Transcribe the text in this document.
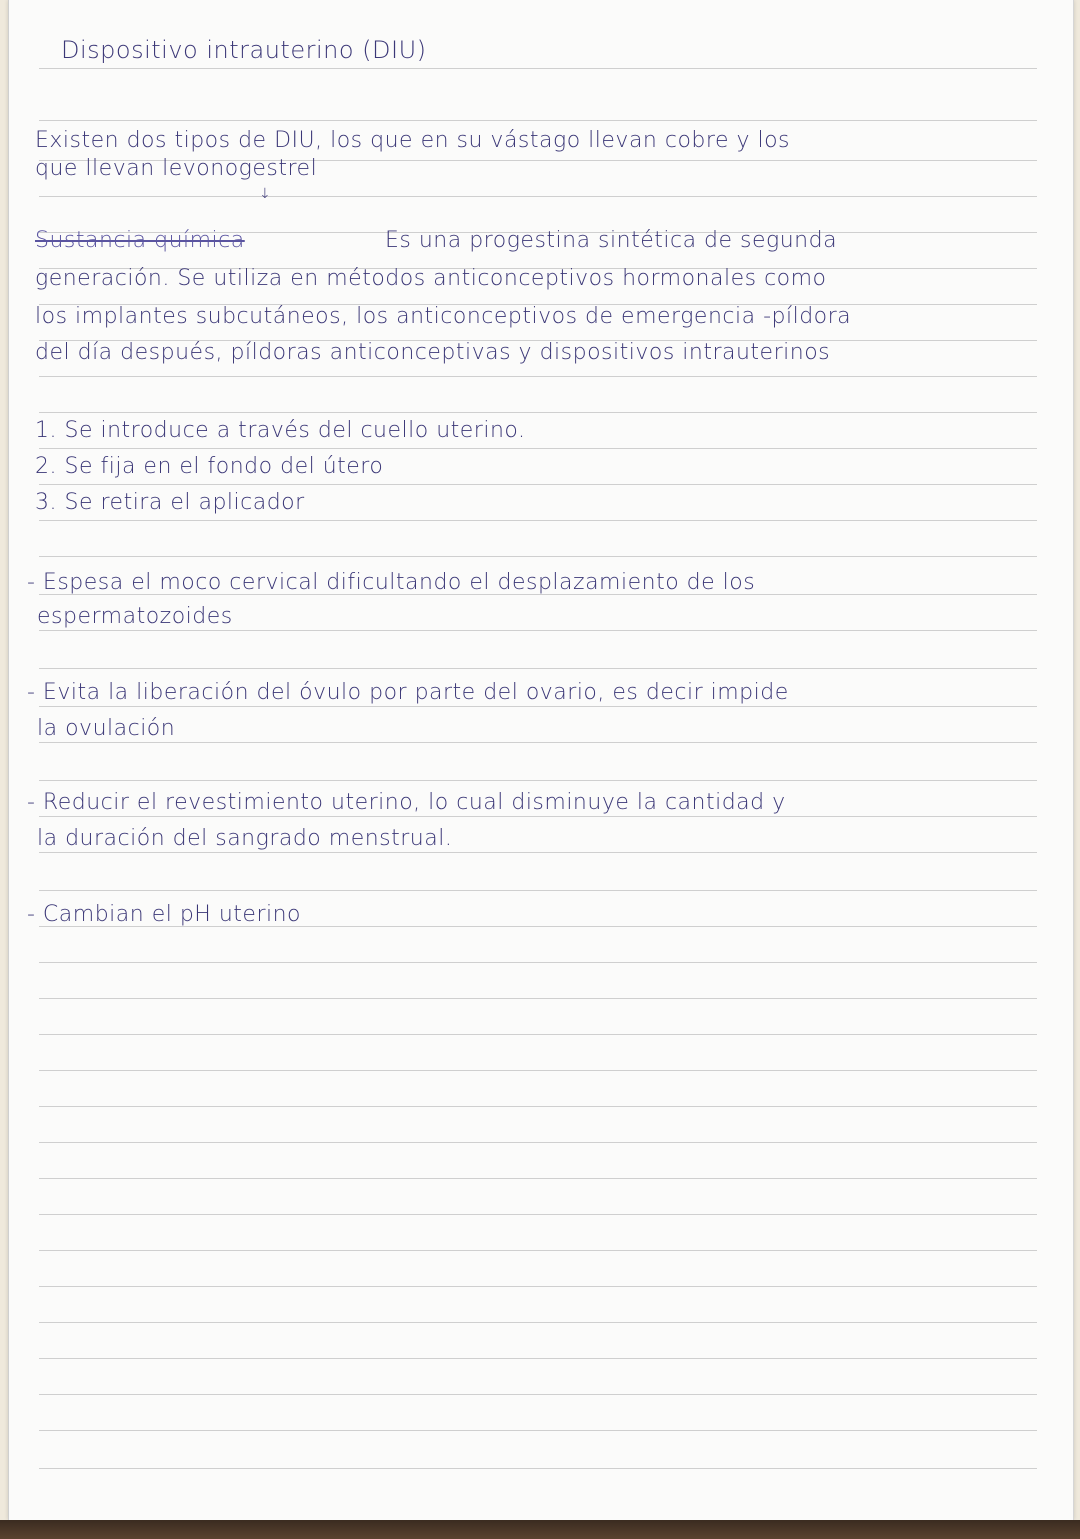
Dispositivo intrauterino (DIU)
Existen dos tipos de DIU, los que en su vástago llevan cobre y los
que llevan levonogestrel
↓
Sustancia química	Es una progestina sintética de segunda
generación. Se utiliza en métodos anticonceptivos hormonales como
los implantes subcutáneos, los anticonceptivos de emergencia -píldora
del día después, píldoras anticonceptivas y dispositivos intrauterinos
1. Se introduce a través del cuello uterino.
2. Se fija en el fondo del útero
3. Se retira el aplicador
- Espesa el moco cervical dificultando el desplazamiento de los
espermatozoides
- Evita la liberación del óvulo por parte del ovario, es decir impide
la ovulación
- Reducir el revestimiento uterino, lo cual disminuye la cantidad y
la duración del sangrado menstrual.
- Cambian el pH uterino
